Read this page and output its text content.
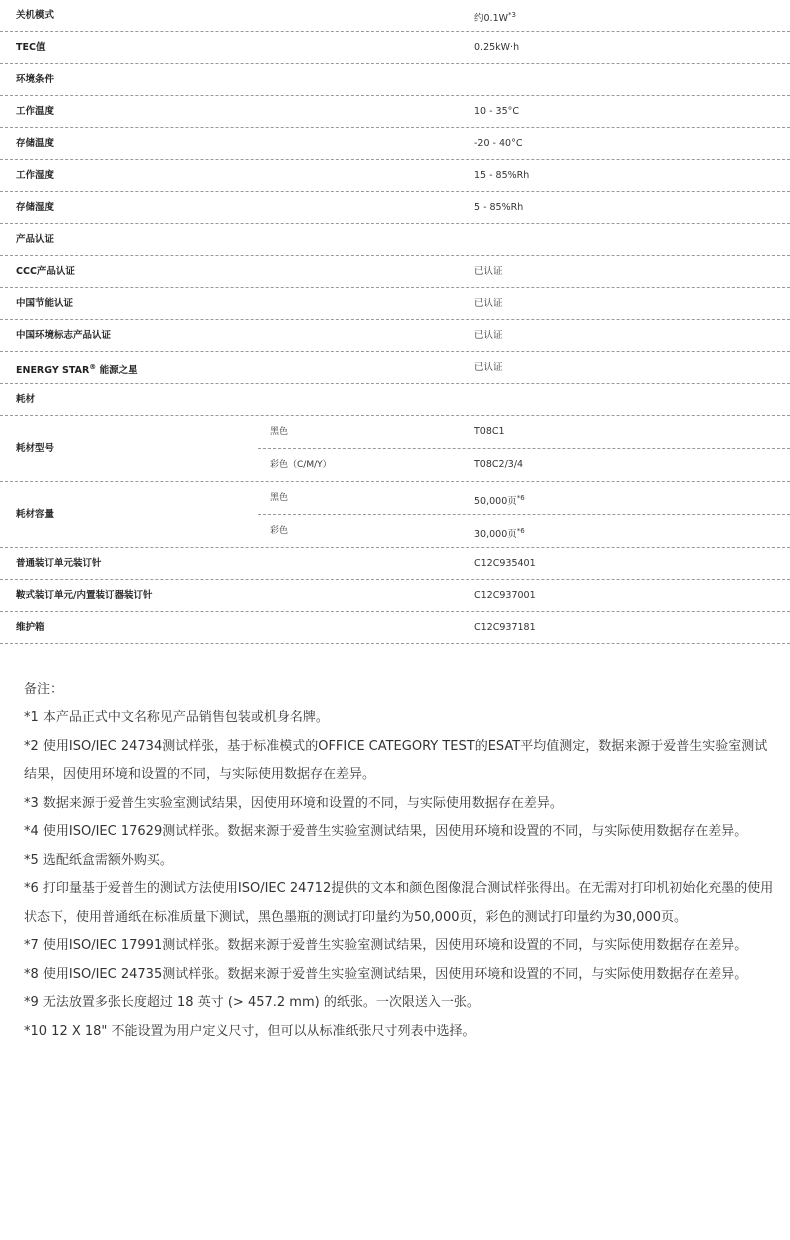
关机模式	约$0.1W^{*3}$
TEC值	0.25kW·h
环境条件
工作温度	10 - 35°C
存储温度	-20 - 40°C
工作湿度	15 - 85%Rh
存储湿度	5 - 85%Rh
产品认证
CCC产品认证	已认证
中国节能认证	已认证
中国环境标志产品认证	已认证
ENERGY STAR® 能源之星	已认证
耗材
耗材型号
黑色	T08C1
彩色（C/M/Y）	T08C2/3/4
耗材容量
黑色	50,000页$^{*6}$
彩色	30,000页$^{*6}$
普通装订单元装订针	C12C935401
鞍式装订单元/内置装订器装订针	C12C937001
维护箱	C12C937181
备注：

*1 本产品正式中文名称见产品销售包装或机身名牌。

*2 使用ISO/IEC 24734测试样张，基于标准模式的OFFICE CATEGORY TEST的ESAT平均值测定，数据来源于爱普生实验室测试结果，因使用环境和设置的不同，与实际使用数据存在差异。

*3 数据来源于爱普生实验室测试结果，因使用环境和设置的不同，与实际使用数据存在差异。

*4 使用ISO/IEC 17629测试样张。数据来源于爱普生实验室测试结果，因使用环境和设置的不同，与实际使用数据存在差异。

*5 选配纸盒需额外购买。

*6 打印量基于爱普生的测试方法使用ISO/IEC 24712提供的文本和颜色图像混合测试样张得出。在无需对打印机初始化充墨的使用状态下，使用普通纸在标准质量下测试，黑色墨瓶的测试打印量约为50,000页，彩色的测试打印量约为30,000页。

*7 使用ISO/IEC 17991测试样张。数据来源于爱普生实验室测试结果，因使用环境和设置的不同，与实际使用数据存在差异。

*8 使用ISO/IEC 24735测试样张。数据来源于爱普生实验室测试结果，因使用环境和设置的不同，与实际使用数据存在差异。

*9 无法放置多张长度超过 18 英寸 (> 457.2 mm) 的纸张。一次限送入一张。

*10 12 X 18" 不能设置为用户定义尺寸，但可以从标准纸张尺寸列表中选择。
